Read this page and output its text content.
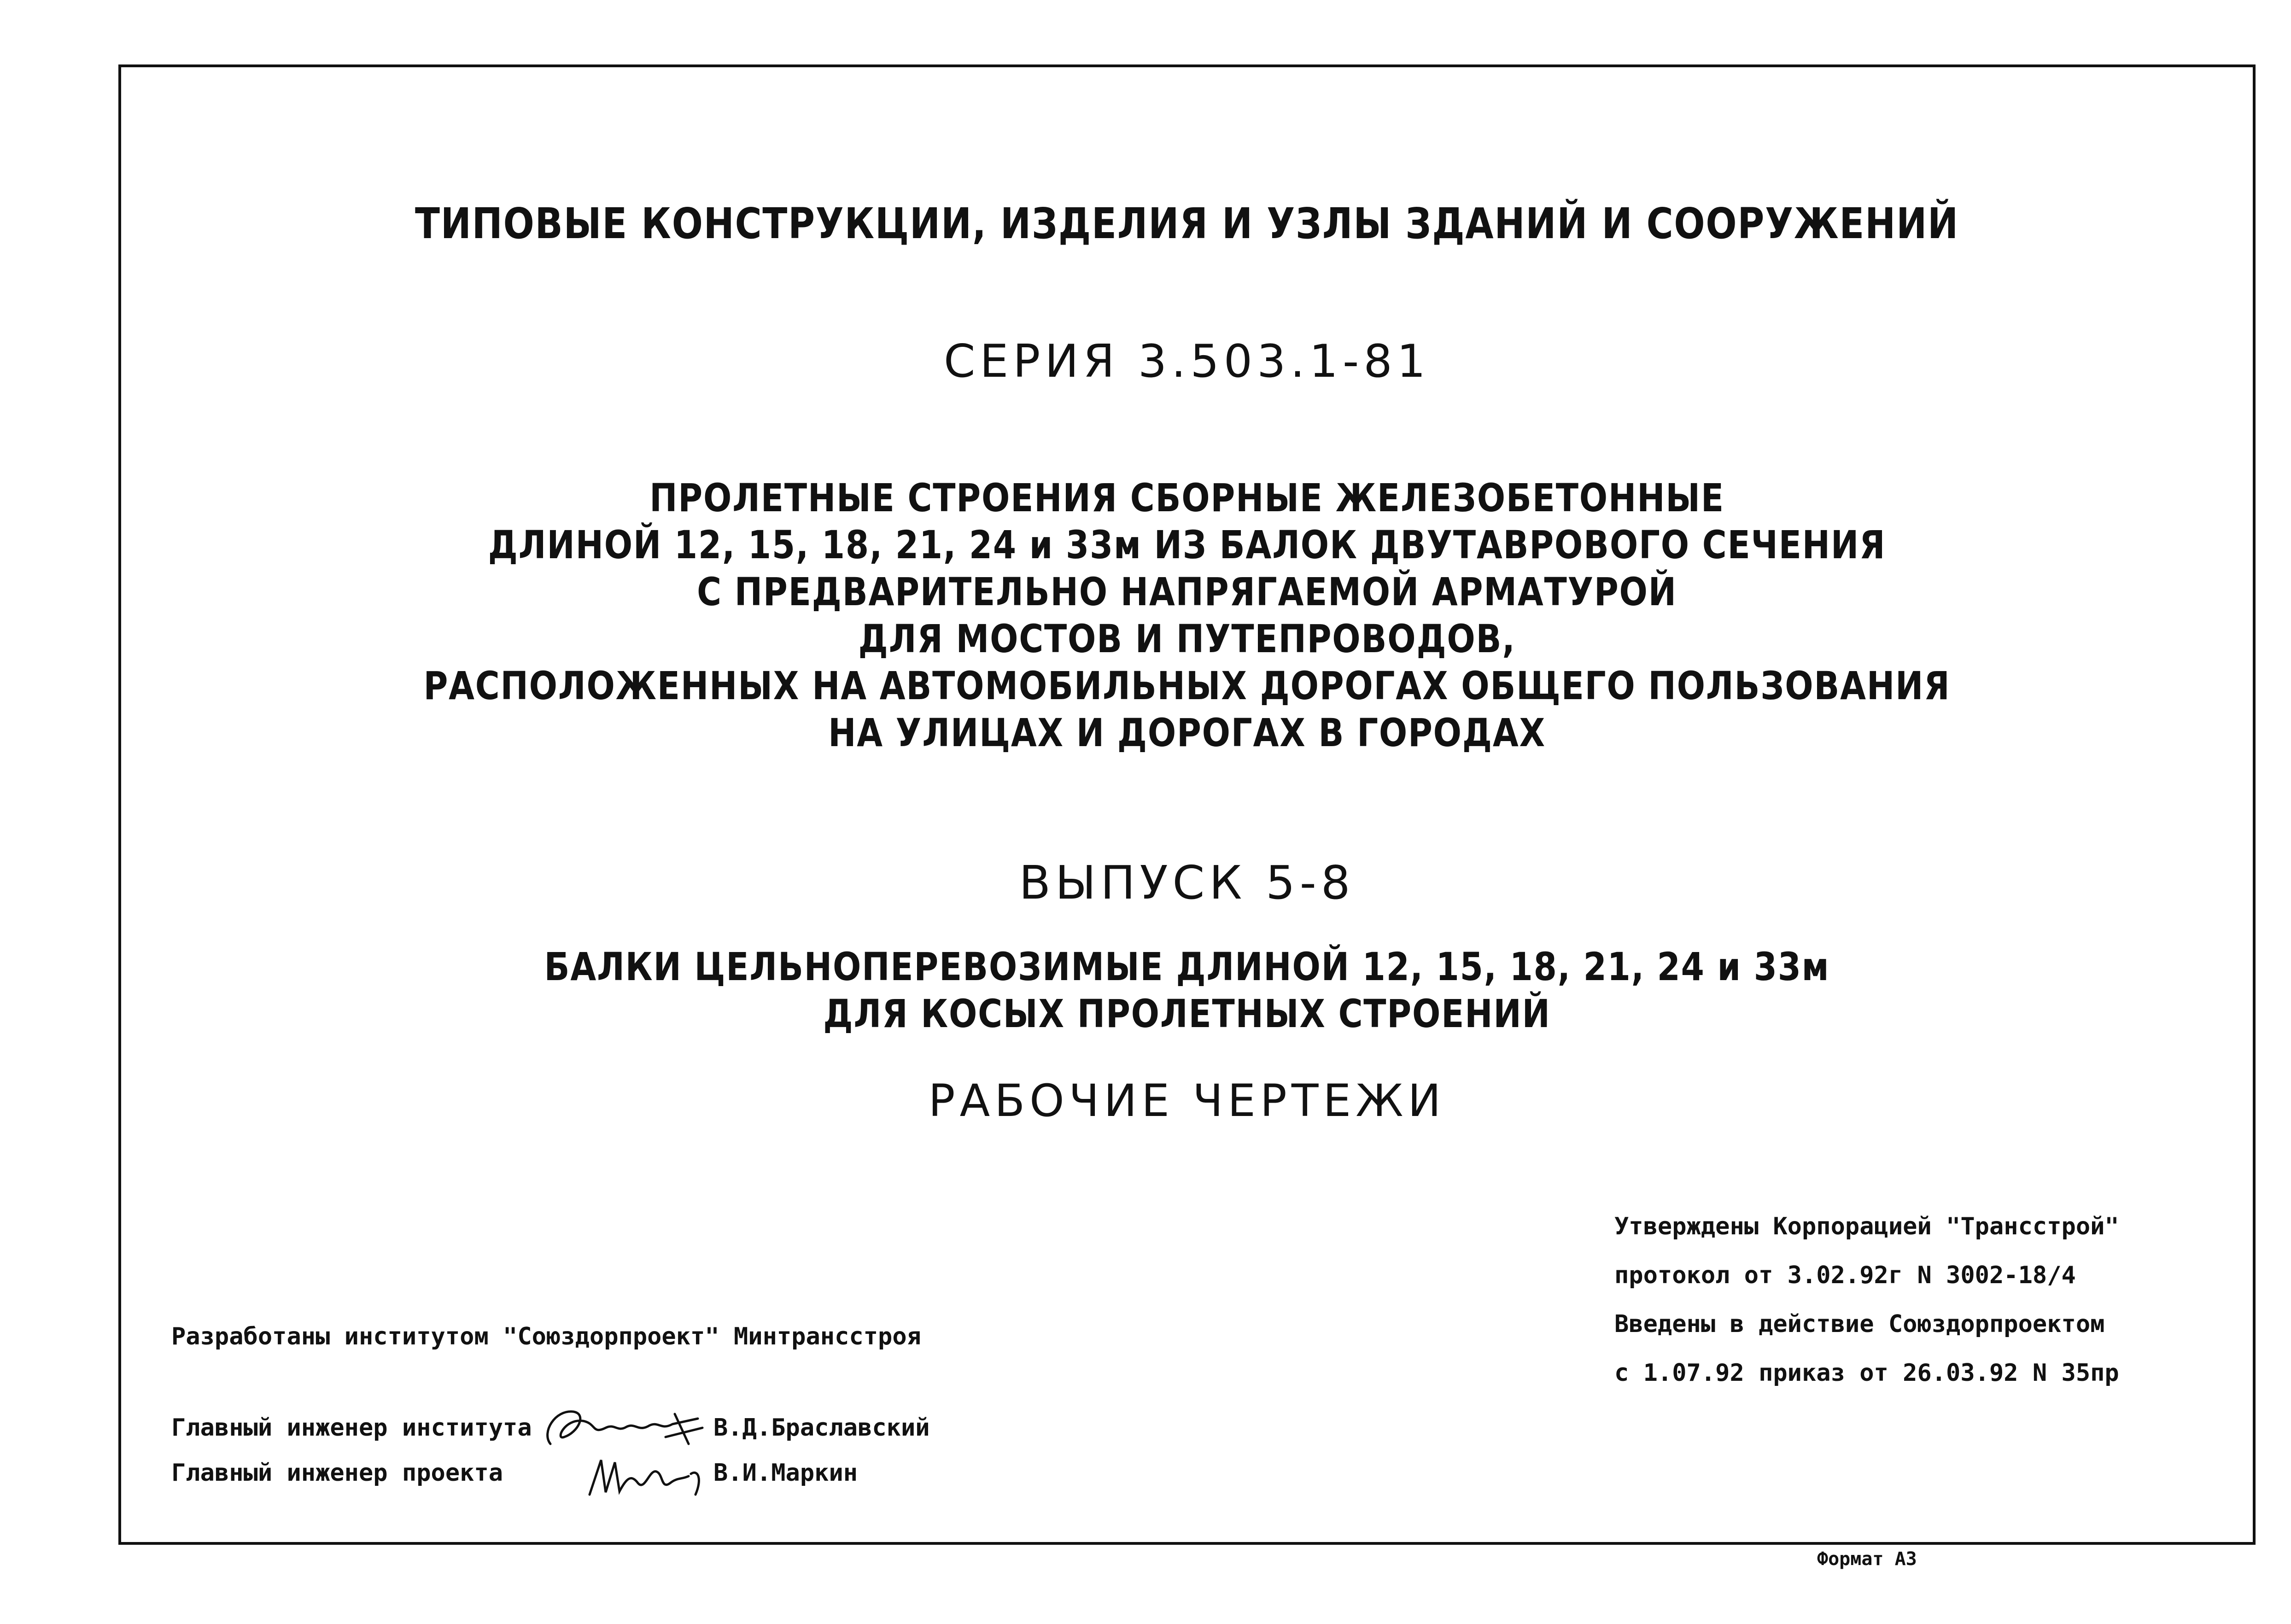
ТИПОВЫЕ КОНСТРУКЦИИ, ИЗДЕЛИЯ И УЗЛЫ ЗДАНИЙ И СООРУЖЕНИЙ
СЕРИЯ 3.503.1-81
ПРОЛЕТНЫЕ СТРОЕНИЯ СБОРНЫЕ ЖЕЛЕЗОБЕТОННЫЕ
ДЛИНОЙ 12, 15, 18, 21, 24 и 33м ИЗ БАЛОК ДВУТАВРОВОГО СЕЧЕНИЯ
С ПРЕДВАРИТЕЛЬНО НАПРЯГАЕМОЙ АРМАТУРОЙ
ДЛЯ МОСТОВ И ПУТЕПРОВОДОВ,
РАСПОЛОЖЕННЫХ НА АВТОМОБИЛЬНЫХ ДОРОГАХ ОБЩЕГО ПОЛЬЗОВАНИЯ
НА УЛИЦАХ И ДОРОГАХ В ГОРОДАХ
ВЫПУСК 5-8
БАЛКИ ЦЕЛЬНОПЕРЕВОЗИМЫЕ ДЛИНОЙ 12, 15, 18, 21, 24 и 33м
ДЛЯ КОСЫХ ПРОЛЕТНЫХ СТРОЕНИЙ
РАБОЧИЕ ЧЕРТЕЖИ
Утверждены Корпорацией "Трансстрой"
протокол от 3.02.92г N 3002-18/4
Введены в действие Союздорпроектом
с 1.07.92 приказ от 26.03.92 N 35пр
Разработаны институтом "Союздорпроект" Минтрансстроя
Главный инженер института	В.Д.Браславский
Главный инженер проекта	В.И.Маркин
Формат А3
